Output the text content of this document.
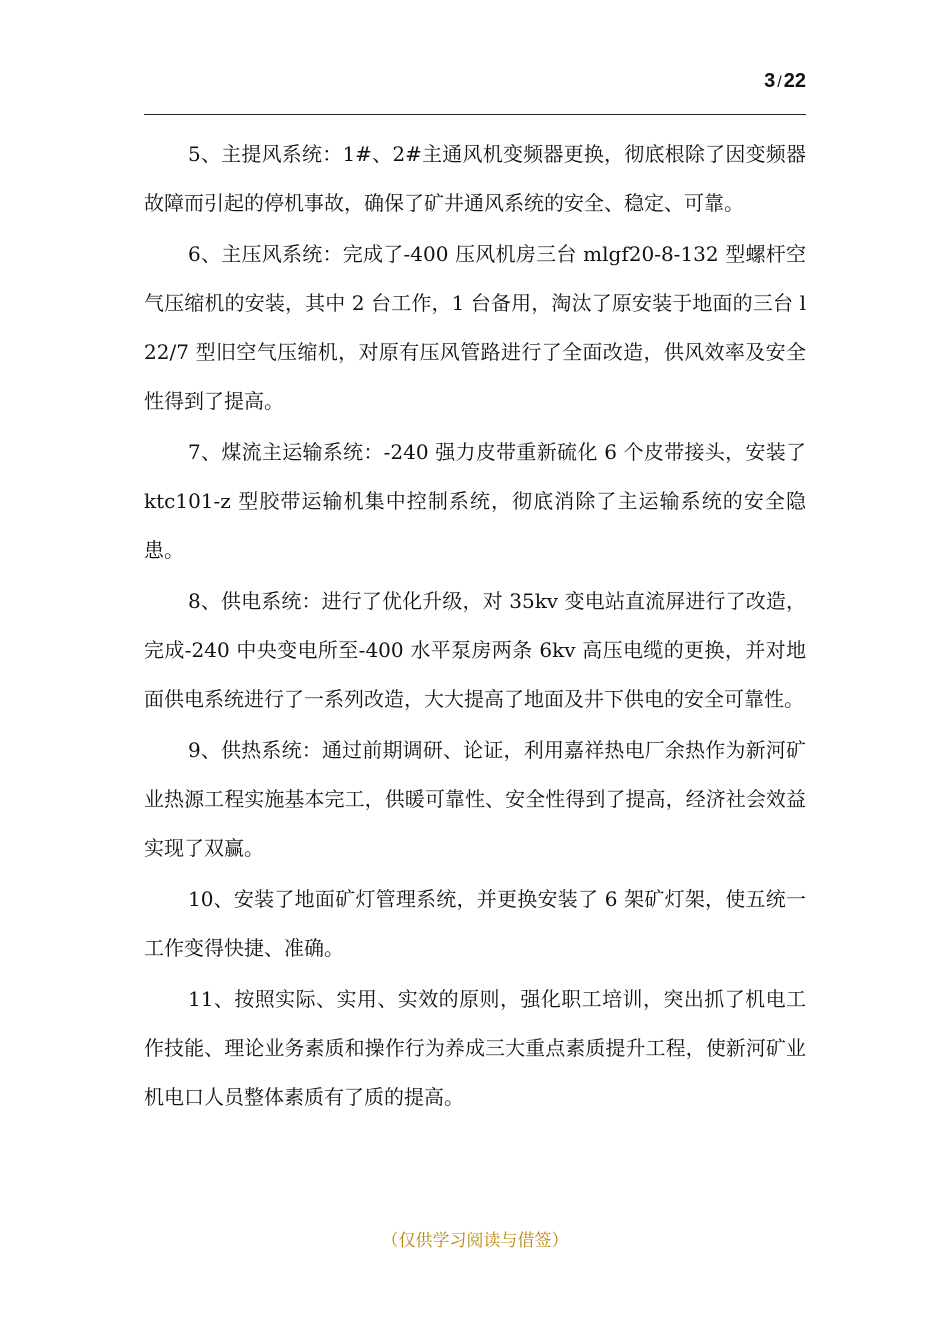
3 / 22

5、主提风系统：1#、2#主通风机变频器更换，彻底根除了因变频器故障而引起的停机事故，确保了矿井通风系统的安全、稳定、可靠。

6、主压风系统：完成了-400 压风机房三台 mlgf20-8-132 型螺杆空气压缩机的安装，其中 2 台工作，1 台备用，淘汰了原安装于地面的三台 l22/7 型旧空气压缩机，对原有压风管路进行了全面改造，供风效率及安全性得到了提高。

7、煤流主运输系统：-240 强力皮带重新硫化 6 个皮带接头，安装了 ktc101-z 型胶带运输机集中控制系统，彻底消除了主运输系统的安全隐患。

8、供电系统：进行了优化升级，对 35kv 变电站直流屏进行了改造，完成-240 中央变电所至-400 水平泵房两条 6kv 高压电缆的更换，并对地面供电系统进行了一系列改造，大大提高了地面及井下供电的安全可靠性。

9、供热系统：通过前期调研、论证，利用嘉祥热电厂余热作为新河矿业热源工程实施基本完工，供暖可靠性、安全性得到了提高，经济社会效益实现了双赢。

10、安装了地面矿灯管理系统，并更换安装了 6 架矿灯架，使五统一工作变得快捷、准确。

11、按照实际、实用、实效的原则，强化职工培训，突出抓了机电工作技能、理论业务素质和操作行为养成三大重点素质提升工程，使新河矿业机电口人员整体素质有了质的提高。

（仅供学习阅读与借签）
